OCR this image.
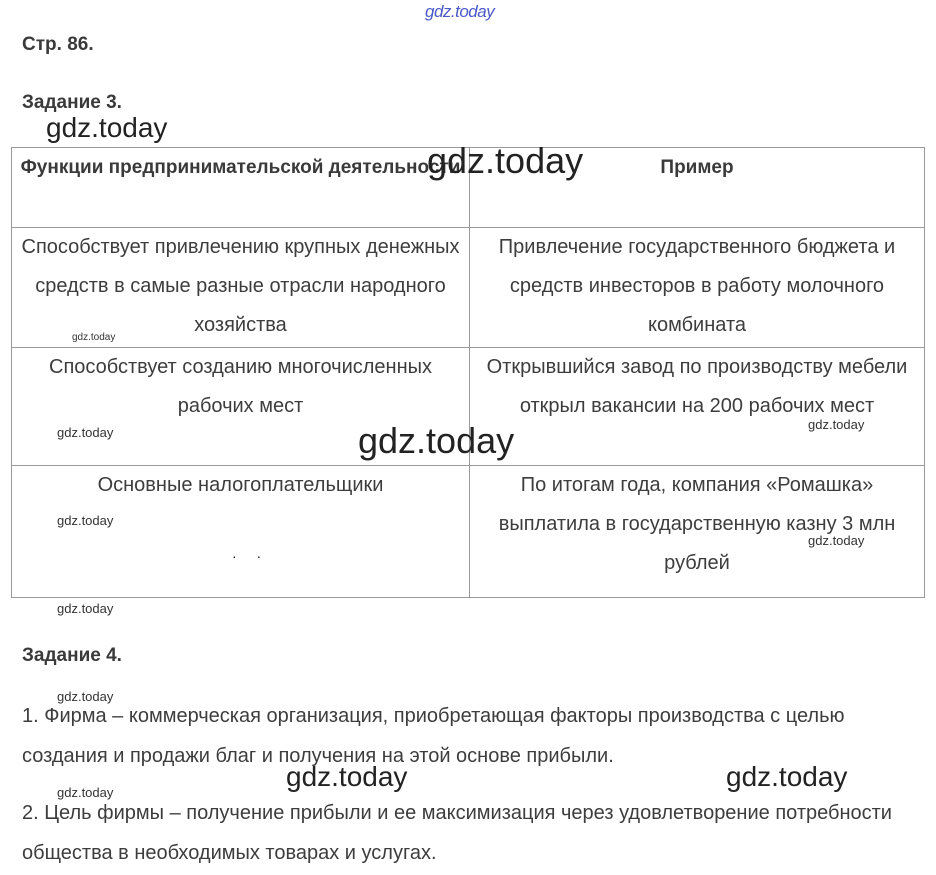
gdz.today
Стр. 86.
Задание 3.
Функции предпринимательской деятельности	Пример
Способствует привлечению крупных денежных средств в самые разные отрасли народного хозяйства	Привлечение государственного бюджета и средств инвесторов в работу молочного комбината
Способствует созданию многочисленных рабочих мест	Открывшийся завод по производству мебели открыл вакансии на 200 рабочих мест
Основные налогоплательщики	По итогам года, компания «Ромашка» выплатила в государственную казну 3 млн рублей
· ·
Задание 4.
1. Фирма – коммерческая организация, приобретающая факторы производства с целью создания и продажи благ и получения на этой основе прибыли.
2. Цель фирмы – получение прибыли и ее максимизация через удовлетворение потребности общества в необходимых товарах и услугах.
gdz.today
gdz.today
gdz.today
gdz.today	gdz.today
gdz.today
gdz.today
gdz.today
gdz.today
gdz.today
gdz.today
gdz.today
gdz.today
